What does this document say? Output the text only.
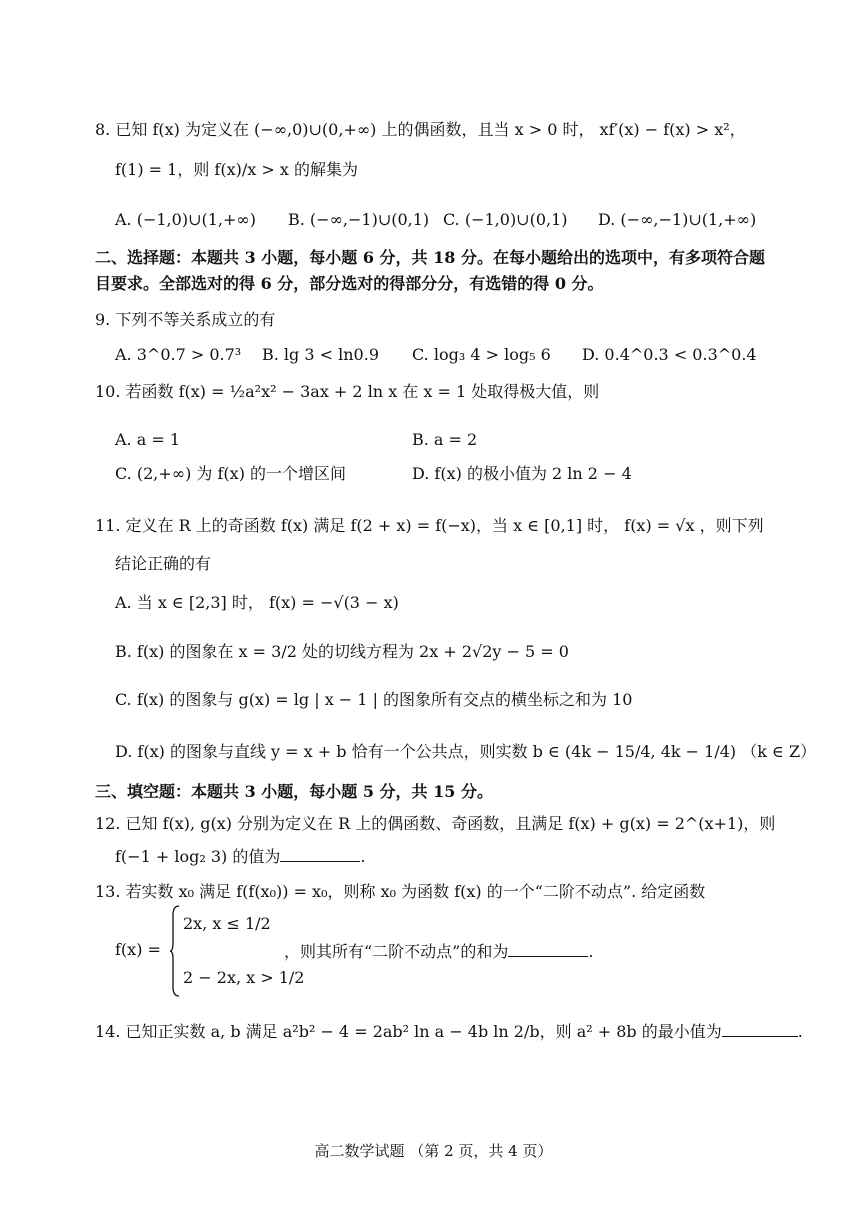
8. 已知 f(x) 为定义在 (−∞,0)∪(0,+∞) 上的偶函数，且当 x > 0 时， xf′(x) − f(x) > x²，
f(1) = 1，则 f(x)/x > x 的解集为
A. (−1,0)∪(1,+∞) B. (−∞,−1)∪(0,1) C. (−1,0)∪(0,1) D. (−∞,−1)∪(1,+∞)
二、选择题：本题共 3 小题，每小题 6 分，共 18 分。在每小题给出的选项中，有多项符合题
目要求。全部选对的得 6 分，部分选对的得部分分，有选错的得 0 分。
9. 下列不等关系成立的有
A. 3^0.7 > 0.7³ B. lg 3 < ln0.9 C. log₃ 4 > log₅ 6 D. 0.4^0.3 < 0.3^0.4
10. 若函数 f(x) = ½a²x² − 3ax + 2 ln x 在 x = 1 处取得极大值，则
A. a = 1	B. a = 2
C. (2,+∞) 为 f(x) 的一个增区间	D. f(x) 的极小值为 2 ln 2 − 4
11. 定义在 R 上的奇函数 f(x) 满足 f(2 + x) = f(−x)，当 x ∈ [0,1] 时， f(x) = √x ，则下列
结论正确的有
A. 当 x ∈ [2,3] 时， f(x) = −√(3 − x)
B. f(x) 的图象在 x = 3/2 处的切线方程为 2x + 2√2y − 5 = 0
C. f(x) 的图象与 g(x) = lg | x − 1 | 的图象所有交点的横坐标之和为 10
D. f(x) 的图象与直线 y = x + b 恰有一个公共点，则实数 b ∈ (4k − 15/4, 4k − 1/4) （k ∈ Z）
三、填空题：本题共 3 小题，每小题 5 分，共 15 分。
12. 已知 f(x), g(x) 分别为定义在 R 上的偶函数、奇函数，且满足 f(x) + g(x) = 2^(x+1)，则
f(−1 + log₂ 3) 的值为	.
13. 若实数 x₀ 满足 f(f(x₀)) = x₀，则称 x₀ 为函数 f(x) 的一个“二阶不动点”. 给定函数
f(x) =
2x, x ≤ 1/2
2 − 2x, x > 1/2
，则其所有“二阶不动点”的和为	.
14. 已知正实数 a, b 满足 a²b² − 4 = 2ab² ln a − 4b ln 2/b，则 a² + 8b 的最小值为	.
高二数学试题 （第 2 页，共 4 页）
